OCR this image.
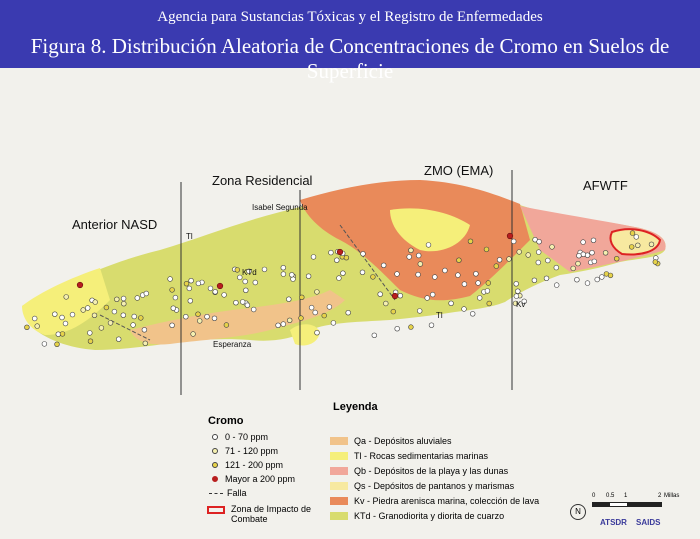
Agencia para Sustancias Tóxicas y el Registro de Enfermedades
Figura 8. Distribución Aleatoria de Concentraciones de Cromo en Suelos de Superficie
Anterior NASD
Zona Residencial
ZMO (EMA)
AFWTF
Isabel Segunda
Esperanza
Tl
Tl
Kv
KTd
Leyenda
Cromo
0 - 70 ppm
71 - 120 ppm
121 - 200 ppm
Mayor a 200 ppm
Falla
Zona de Impacto de
Combate
Qa - Depósitos aluviales
Tl - Rocas sedimentarias marinas
Qb - Depósitos de la playa y las dunas
Qs - Depósitos de pantanos y marismas
Kv - Piedra arenisca marina, colección de lava
KTd - Granodiorita y diorita de cuarzo
0 0.5 1	2 Millas
N
ATSDR SAIDS
